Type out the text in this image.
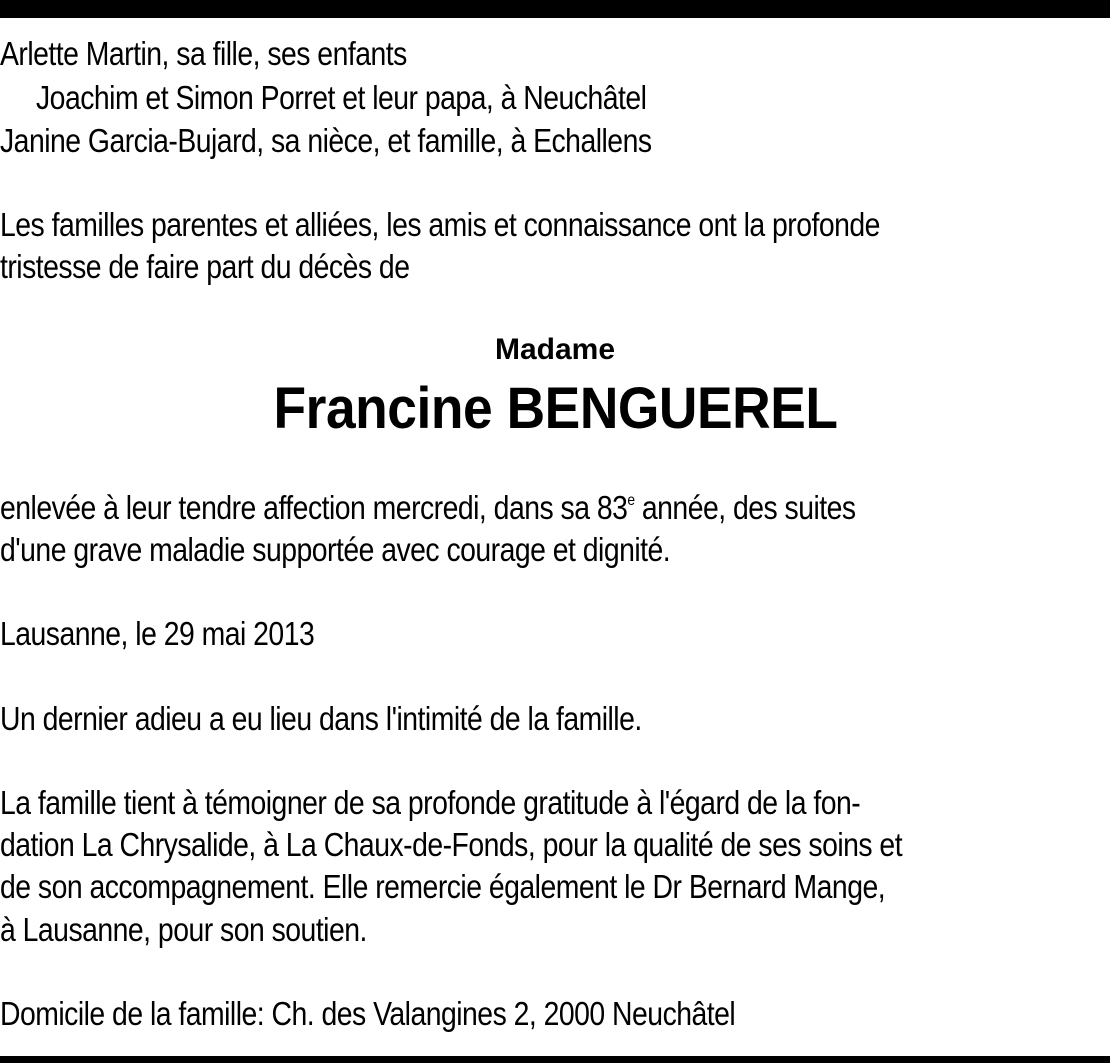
Arlette Martin, sa fille, ses enfants
Joachim et Simon Porret et leur papa, à Neuchâtel
Janine Garcia-Bujard, sa nièce, et famille, à Echallens
Les familles parentes et alliées, les amis et connaissance ont la profonde
tristesse de faire part du décès de
Madame
Francine BENGUEREL
enlevée à leur tendre affection mercredi, dans sa 83e année, des suites
d'une grave maladie supportée avec courage et dignité.
Lausanne, le 29 mai 2013
Un dernier adieu a eu lieu dans l'intimité de la famille.
La famille tient à témoigner de sa profonde gratitude à l'égard de la fon-
dation La Chrysalide, à La Chaux-de-Fonds, pour la qualité de ses soins et
de son accompagnement. Elle remercie également le Dr Bernard Mange,
à Lausanne, pour son soutien.
Domicile de la famille: Ch. des Valangines 2, 2000 Neuchâtel
